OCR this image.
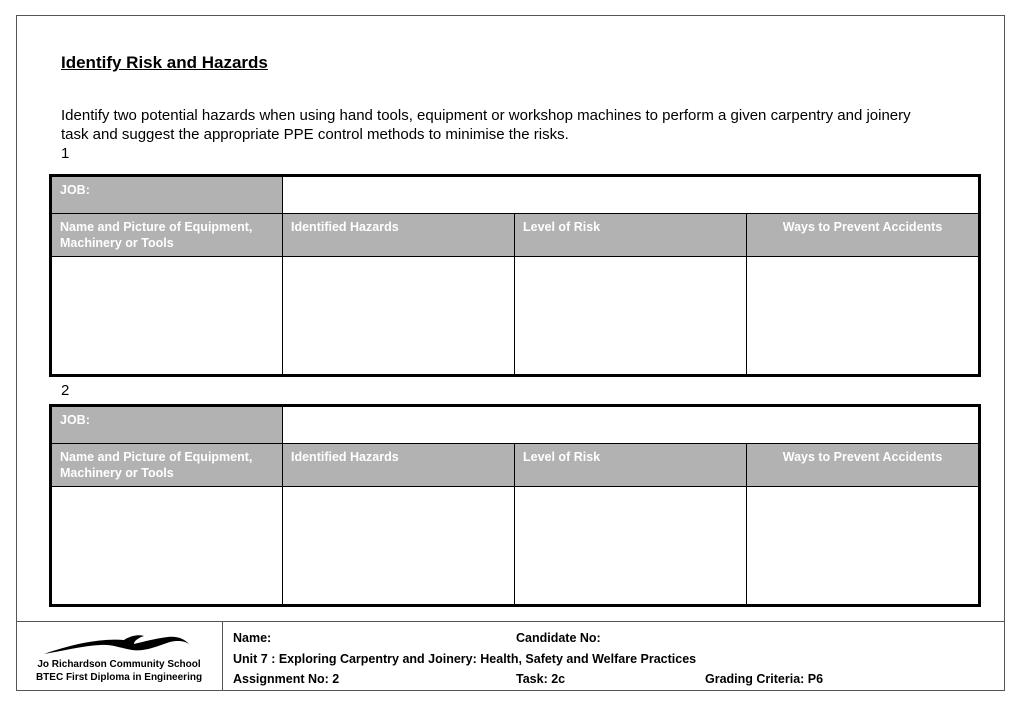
Identify Risk and Hazards

Identify two potential hazards when using hand tools, equipment or workshop machines to perform a given carpentry and joinery task and suggest the appropriate PPE control methods to minimise the risks.

1
JOB:			
Name and Picture of Equipment, Machinery or Tools	Identified Hazards	Level of Risk	Ways to Prevent Accidents

2
JOB:			
Name and Picture of Equipment, Machinery or Tools	Identified Hazards	Level of Risk	Ways to Prevent Accidents

Jo Richardson Community School
BTEC First Diploma in Engineering
Name:	Candidate No:
Unit 7 : Exploring Carpentry and Joinery: Health, Safety and Welfare Practices
Assignment No: 2	Task: 2c	Grading Criteria: P6
